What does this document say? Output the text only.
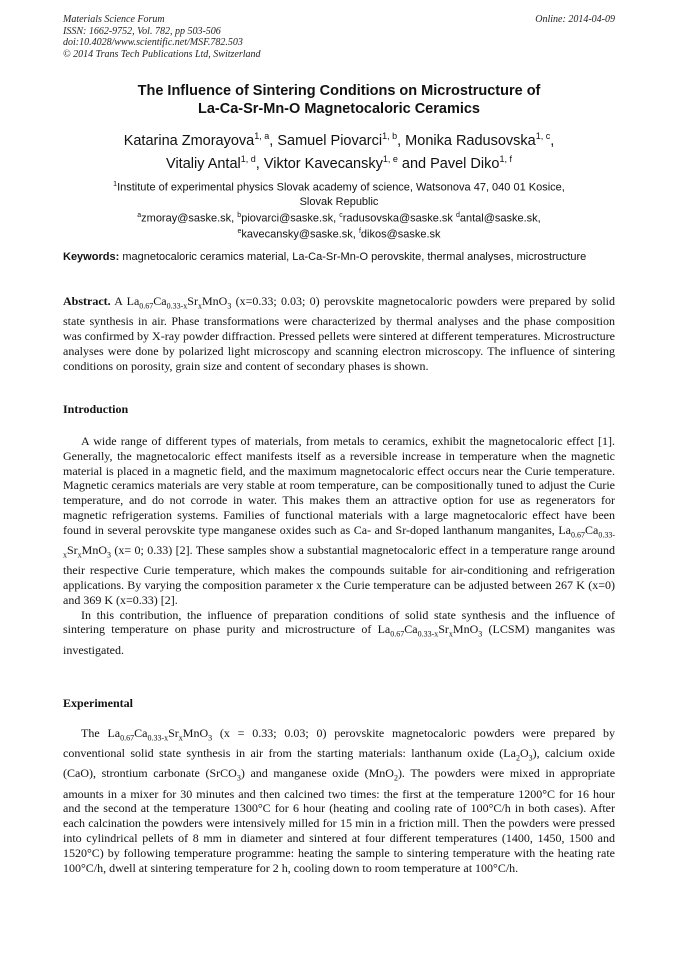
Materials Science Forum
ISSN: 1662-9752, Vol. 782, pp 503-506
doi:10.4028/www.scientific.net/MSF.782.503
© 2014 Trans Tech Publications Ltd, Switzerland
Online: 2014-04-09
The Influence of Sintering Conditions on Microstructure of
La-Ca-Sr-Mn-O Magnetocaloric Ceramics
Katarina Zmorayova$^{1, a}$, Samuel Piovarci$^{1, b}$, Monika Radusovska$^{1, c}$,
Vitaliy Antal$^{1, d}$, Viktor Kavecansky$^{1, e}$ and Pavel Diko$^{1, f}$
$^1$Institute of experimental physics Slovak academy of science, Watsonova 47, 040 01 Kosice,
Slovak Republic
$^a$zmoray@saske.sk, $^b$piovarci@saske.sk, $^c$radusovska@saske.sk $^d$antal@saske.sk,
$^e$kavecansky@saske.sk, $^f$dikos@saske.sk
Keywords: magnetocaloric ceramics material, La-Ca-Sr-Mn-O perovskite, thermal analyses, microstructure

Abstract. A $La_{0.67}Ca_{0.33-x}Sr_xMnO_3$ (x=0.33; 0.03; 0) perovskite magnetocaloric powders were prepared by solid state synthesis in air. Phase transformations were characterized by thermal analyses and the phase composition was confirmed by X-ray powder diffraction. Pressed pellets were sintered at different temperatures. Microstructure analyses were done by polarized light microscopy and scanning electron microscopy. The influence of sintering conditions on porosity, grain size and content of secondary phases is shown.

Introduction

A wide range of different types of materials, from metals to ceramics, exhibit the magnetocaloric effect [1]. Generally, the magnetocaloric effect manifests itself as a reversible increase in temperature when the magnetic material is placed in a magnetic field, and the maximum magnetocaloric effect occurs near the Curie temperature. Magnetic ceramics materials are very stable at room temperature, can be compositionally tuned to adjust the Curie temperature, and do not corrode in water. This makes them an attractive option for use as regenerators for magnetic refrigeration systems. Families of functional materials with a large magnetocaloric effect have been found in several perovskite type manganese oxides such as Ca- and Sr-doped lanthanum manganites, $La_{0.67}Ca_{0.33-x}Sr_xMnO_3$ (x= 0; 0.33) [2]. These samples show a substantial magnetocaloric effect in a temperature range around their respective Curie temperature, which makes the compounds suitable for air-conditioning and refrigeration applications. By varying the composition parameter x the Curie temperature can be adjusted between 267 K (x=0) and 369 K (x=0.33) [2].

In this contribution, the influence of preparation conditions of solid state synthesis and the influence of sintering temperature on phase purity and microstructure of $La_{0.67}Ca_{0.33-x}Sr_xMnO_3$ (LCSM) manganites was investigated.

Experimental

The $La_{0.67}Ca_{0.33-x}Sr_xMnO_3$ (x = 0.33; 0.03; 0) perovskite magnetocaloric powders were prepared by conventional solid state synthesis in air from the starting materials: lanthanum oxide $(La_2O_3)$, calcium oxide (CaO), strontium carbonate (SrCO$_3$) and manganese oxide (MnO$_2$). The powders were mixed in appropriate amounts in a mixer for 30 minutes and then calcined two times: the first at the temperature 1200°C for 16 hour and the second at the temperature 1300°C for 6 hour (heating and cooling rate of 100°C/h in both cases). After each calcination the powders were intensively milled for 15 min in a friction mill. Then the powders were pressed into cylindrical pellets of 8 mm in diameter and sintered at four different temperatures (1400, 1450, 1500 and 1520°C) by following temperature programme: heating the sample to sintering temperature with the heating rate 100°C/h, dwell at sintering temperature for 2 h, cooling down to room temperature at 100°C/h.
